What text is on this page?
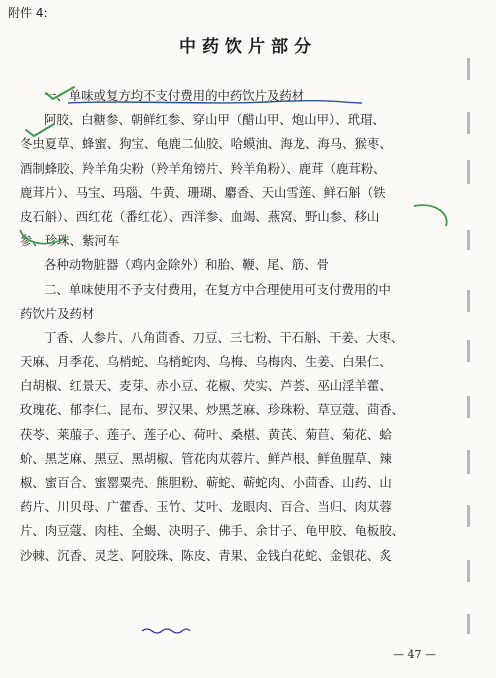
附件 4:
中药饮片部分
一、单味或复方均不支付费用的中药饮片及药材
阿胶、白糖参、朝鲜红参、穿山甲（醋山甲、炮山甲）、玳瑁、
冬虫夏草、蜂蜜、狗宝、龟鹿二仙胶、哈蟆油、海龙、海马、猴枣、
酒制蜂胶、羚羊角尖粉（羚羊角镑片、羚羊角粉）、鹿茸（鹿茸粉、
鹿茸片）、马宝、玛瑙、牛黄、珊瑚、麝香、天山雪莲、鲜石斛（铁
皮石斛）、西红花（番红花）、西洋参、血竭、燕窝、野山参、移山
参、珍珠、紫河车
各种动物脏器（鸡内金除外）和胎、鞭、尾、筋、骨
二、单味使用不予支付费用，在复方中合理使用可支付费用的中
药饮片及药材
丁香、人参片、八角茴香、刀豆、三七粉、干石斛、干姜、大枣、
天麻、月季花、乌梢蛇、乌梢蛇肉、乌梅、乌梅肉、生姜、白果仁、
白胡椒、红景天、麦芽、赤小豆、花椒、芡实、芦荟、巫山淫羊藿、
玫瑰花、郁李仁、昆布、罗汉果、炒黑芝麻、珍珠粉、草豆蔻、茴香、
茯苓、莱菔子、莲子、莲子心、荷叶、桑椹、黄芪、菊苣、菊花、蛤
蚧、黑芝麻、黑豆、黑胡椒、管花肉苁蓉片、鲜芦根、鲜鱼腥草、辣
椒、蜜百合、蜜罂粟壳、熊胆粉、蕲蛇、蕲蛇肉、小茴香、山药、山
药片、川贝母、广藿香、玉竹、艾叶、龙眼肉、百合、当归、肉苁蓉
片、肉豆蔻、肉桂、全蝎、决明子、佛手、余甘子、龟甲胶、龟板胶、
沙棘、沉香、灵芝、阿胶珠、陈皮、青果、金钱白花蛇、金银花、炙
— 47 —
